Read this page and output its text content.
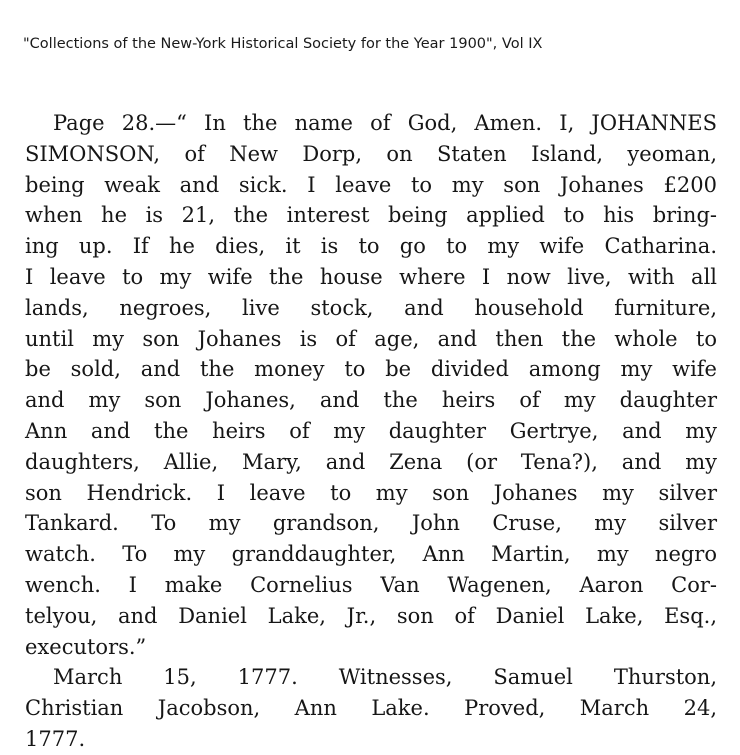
"Collections of the New-York Historical Society for the Year 1900", Vol IX
Page 28.—“ In the name of God, Amen. I, JOHANNES
SIMONSON, of New Dorp, on Staten Island, yeoman,
being weak and sick. I leave to my son Johanes £200
when he is 21, the interest being applied to his bring-
ing up. If he dies, it is to go to my wife Catharina.
I leave to my wife the house where I now live, with all
lands, negroes, live stock, and household furniture,
until my son Johanes is of age, and then the whole to
be sold, and the money to be divided among my wife
and my son Johanes, and the heirs of my daughter
Ann and the heirs of my daughter Gertrye, and my
daughters, Allie, Mary, and Zena (or Tena?), and my
son Hendrick. I leave to my son Johanes my silver
Tankard. To my grandson, John Cruse, my silver
watch. To my granddaughter, Ann Martin, my negro
wench. I make Cornelius Van Wagenen, Aaron Cor-
telyou, and Daniel Lake, Jr., son of Daniel Lake, Esq.,
executors.”
March 15, 1777. Witnesses, Samuel Thurston,
Christian Jacobson, Ann Lake. Proved, March 24,
1777.
